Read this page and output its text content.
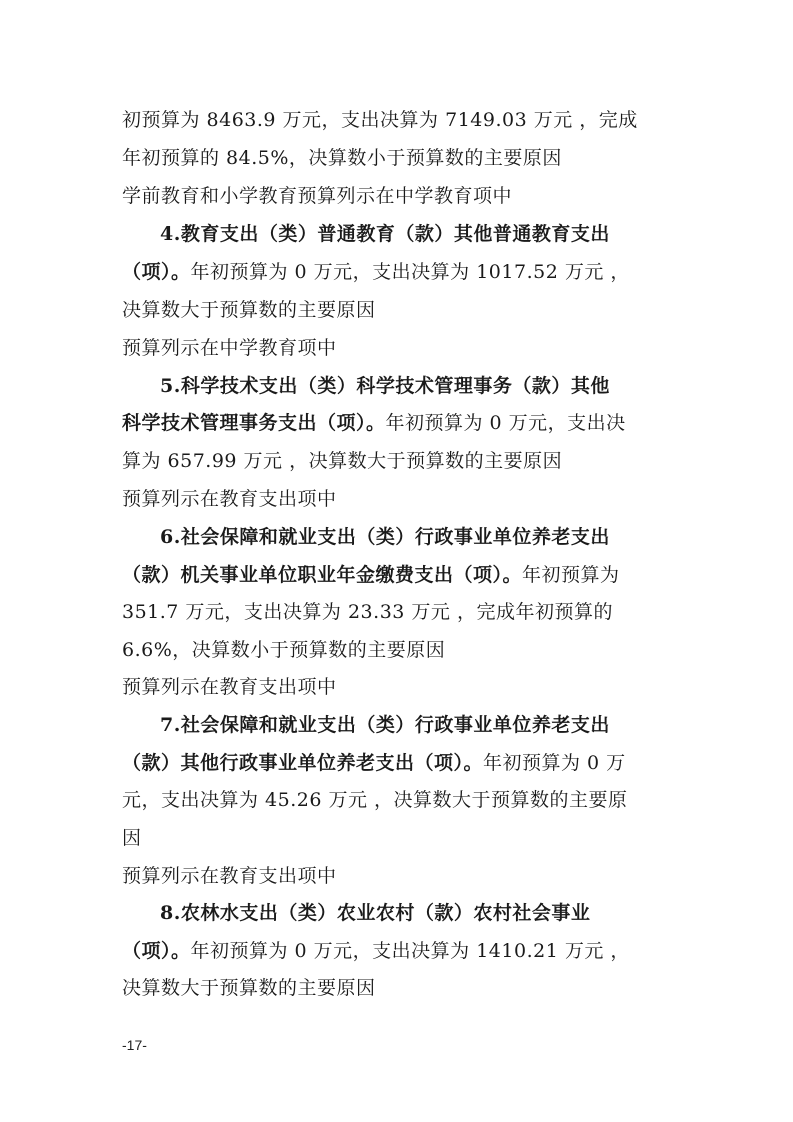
初预算为 8463.9 万元，支出决算为 7149.03 万元 ，完成
年初预算的 84.5%，决算数小于预算数的主要原因
学前教育和小学教育预算列示在中学教育项中
4.教育支出（类）普通教育（款）其他普通教育支出
（项）。年初预算为 0 万元，支出决算为 1017.52 万元 ，
决算数大于预算数的主要原因
预算列示在中学教育项中
5.科学技术支出（类）科学技术管理事务（款）其他
科学技术管理事务支出（项）。年初预算为 0 万元，支出决
算为 657.99 万元 ，决算数大于预算数的主要原因
预算列示在教育支出项中
6.社会保障和就业支出（类）行政事业单位养老支出
（款）机关事业单位职业年金缴费支出（项）。年初预算为
351.7 万元，支出决算为 23.33 万元 ，完成年初预算的
6.6%，决算数小于预算数的主要原因
预算列示在教育支出项中
7.社会保障和就业支出（类）行政事业单位养老支出
（款）其他行政事业单位养老支出（项）。年初预算为 0 万
元，支出决算为 45.26 万元 ，决算数大于预算数的主要原
因
预算列示在教育支出项中
8.农林水支出（类）农业农村（款）农村社会事业
（项）。年初预算为 0 万元，支出决算为 1410.21 万元 ，
决算数大于预算数的主要原因
-17-
